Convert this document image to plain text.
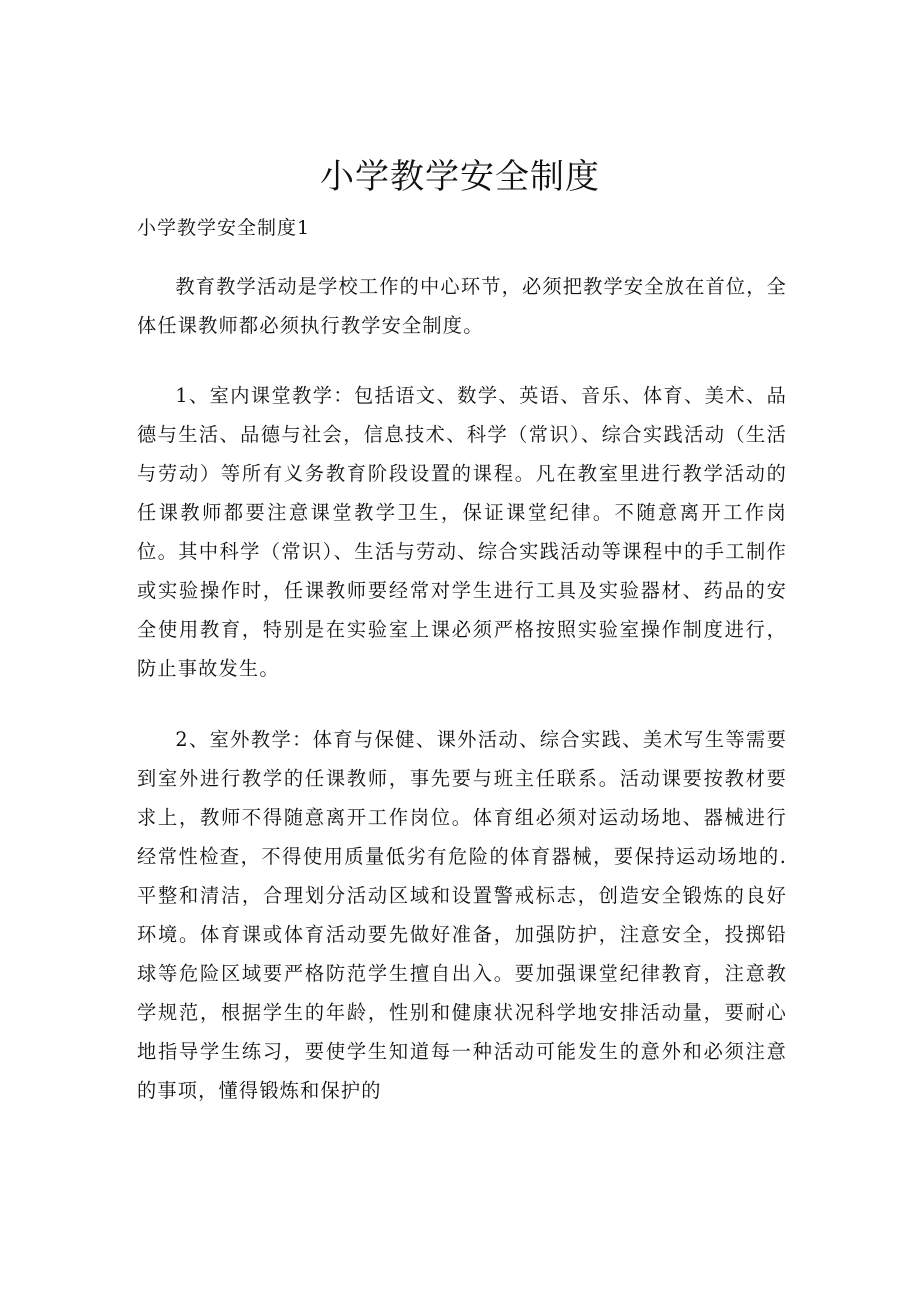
小学教学安全制度

小学教学安全制度1

教育教学活动是学校工作的中心环节，必须把教学安全放在首位，全体任课教师都必须执行教学安全制度。

1、室内课堂教学：包括语文、数学、英语、音乐、体育、美术、品德与生活、品德与社会，信息技术、科学（常识）、综合实践活动（生活与劳动）等所有义务教育阶段设置的课程。凡在教室里进行教学活动的任课教师都要注意课堂教学卫生，保证课堂纪律。不随意离开工作岗位。其中科学（常识）、生活与劳动、综合实践活动等课程中的手工制作或实验操作时，任课教师要经常对学生进行工具及实验器材、药品的安全使用教育，特别是在实验室上课必须严格按照实验室操作制度进行，防止事故发生。

2、室外教学：体育与保健、课外活动、综合实践、美术写生等需要到室外进行教学的任课教师，事先要与班主任联系。活动课要按教材要求上，教师不得随意离开工作岗位。体育组必须对运动场地、器械进行经常性检查，不得使用质量低劣有危险的体育器械，要保持运动场地的.平整和清洁，合理划分活动区域和设置警戒标志，创造安全锻炼的良好环境。体育课或体育活动要先做好准备，加强防护，注意安全，投掷铅球等危险区域要严格防范学生擅自出入。要加强课堂纪律教育，注意教学规范，根据学生的年龄，性别和健康状况科学地安排活动量，要耐心地指导学生练习，要使学生知道每一种活动可能发生的意外和必须注意的事项，懂得锻炼和保护的
